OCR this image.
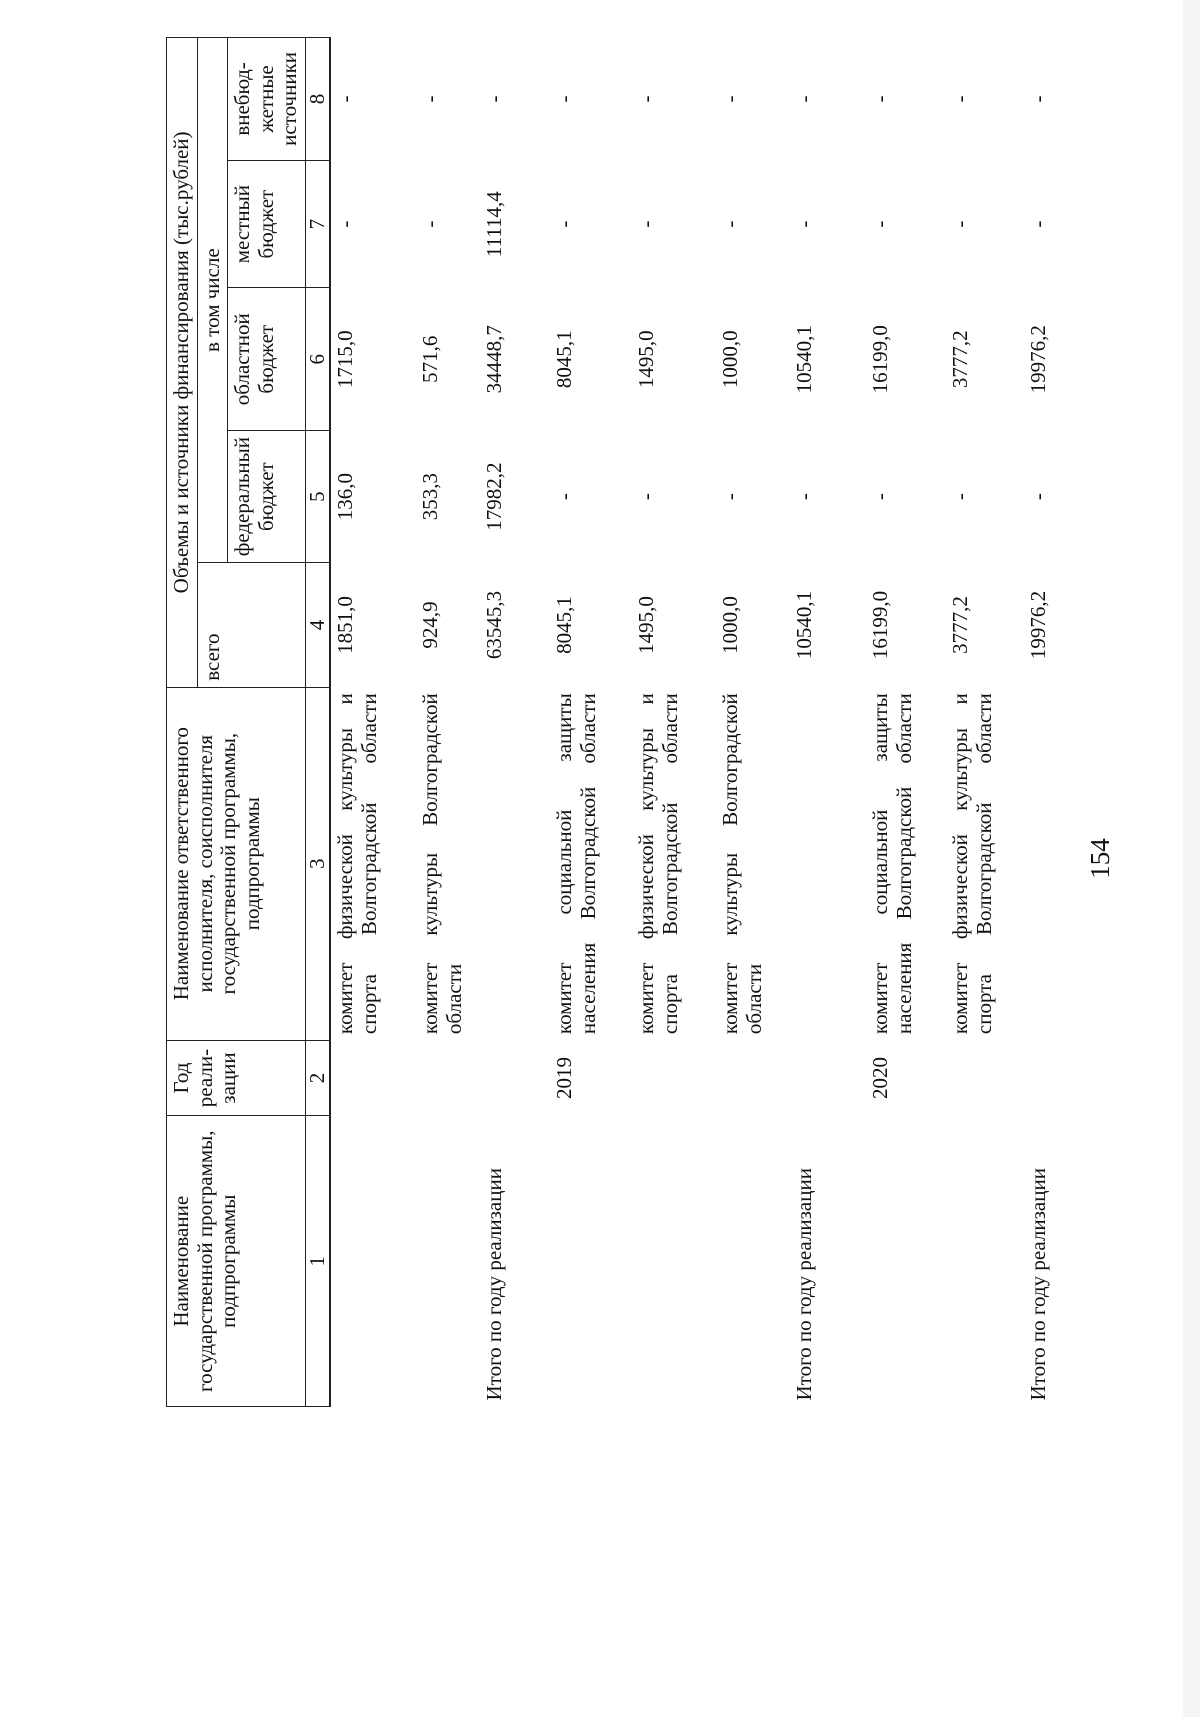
154
Наименование государственной программы, подпрограммы	Год реали-зации	Наименование ответственного исполнителя, соисполнителя государственной программы, подпрограммы	Объемы и источники финансирования (тыс.рублей)				
			всего	в том числе			
				федеральный бюджет	областной бюджет	местный бюджет	внебюд-жетные источники
1	2	3	4	5	6	7	8
		комитет физической культуры и спорта Волгоградской области	1851,0	136,0	1715,0	-	-
		комитет культуры Волгоградской области	924,9	353,3	571,6	-	-
Итого по году реализации			63545,3	17982,2	34448,7	11114,4	-
	2019	комитет социальной защиты населения Волгоградской области	8045,1	-	8045,1	-	-
		комитет физической культуры и спорта Волгоградской области	1495,0	-	1495,0	-	-
		комитет культуры Волгоградской области	1000,0	-	1000,0	-	-
Итого по году реализации			10540,1	-	10540,1	-	-
	2020	комитет социальной защиты населения Волгоградской области	16199,0	-	16199,0	-	-
		комитет физической культуры и спорта Волгоградской области	3777,2	-	3777,2	-	-
Итого по году реализации			19976,2	-	19976,2	-	-
